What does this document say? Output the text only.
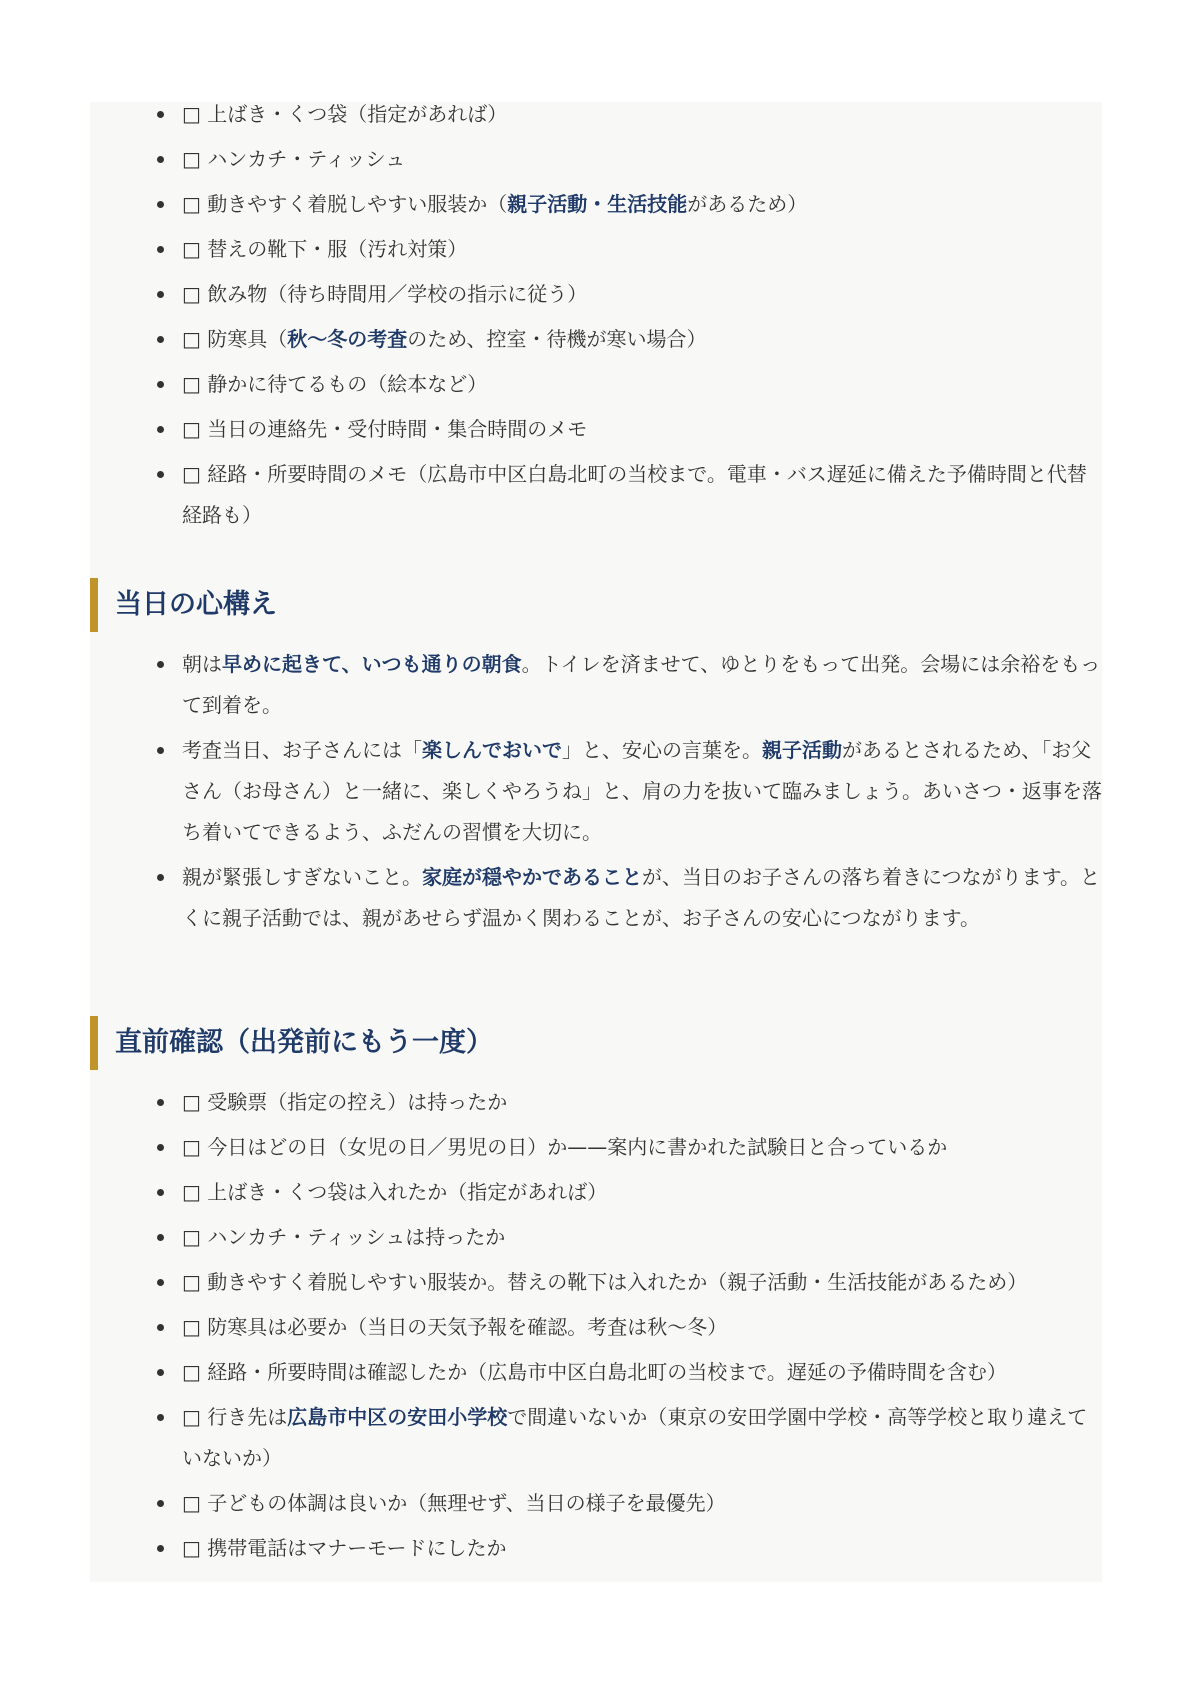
□ 上ばき・くつ袋（指定があれば）
□ ハンカチ・ティッシュ
□ 動きやすく着脱しやすい服装か（親子活動・生活技能があるため）
□ 替えの靴下・服（汚れ対策）
□ 飲み物（待ち時間用／学校の指示に従う）
□ 防寒具（秋〜冬の考査のため、控室・待機が寒い場合）
□ 静かに待てるもの（絵本など）
□ 当日の連絡先・受付時間・集合時間のメモ
□ 経路・所要時間のメモ（広島市中区白島北町の当校まで。電車・バス遅延に備えた予備時間と代替経路も）
当日の心構え
朝は早めに起きて、いつも通りの朝食。トイレを済ませて、ゆとりをもって出発。会場には余裕をもって到着を。
考査当日、お子さんには「楽しんでおいで」と、安心の言葉を。親子活動があるとされるため、「お父さん（お母さん）と一緒に、楽しくやろうね」と、肩の力を抜いて臨みましょう。あいさつ・返事を落ち着いてできるよう、ふだんの習慣を大切に。
親が緊張しすぎないこと。家庭が穏やかであることが、当日のお子さんの落ち着きにつながります。とくに親子活動では、親があせらず温かく関わることが、お子さんの安心につながります。
直前確認（出発前にもう一度）
□ 受験票（指定の控え）は持ったか
□ 今日はどの日（女児の日／男児の日）か——案内に書かれた試験日と合っているか
□ 上ばき・くつ袋は入れたか（指定があれば）
□ ハンカチ・ティッシュは持ったか
□ 動きやすく着脱しやすい服装か。替えの靴下は入れたか（親子活動・生活技能があるため）
□ 防寒具は必要か（当日の天気予報を確認。考査は秋〜冬）
□ 経路・所要時間は確認したか（広島市中区白島北町の当校まで。遅延の予備時間を含む）
□ 行き先は広島市中区の安田小学校で間違いないか（東京の安田学園中学校・高等学校と取り違えていないか）
□ 子どもの体調は良いか（無理せず、当日の様子を最優先）
□ 携帯電話はマナーモードにしたか
